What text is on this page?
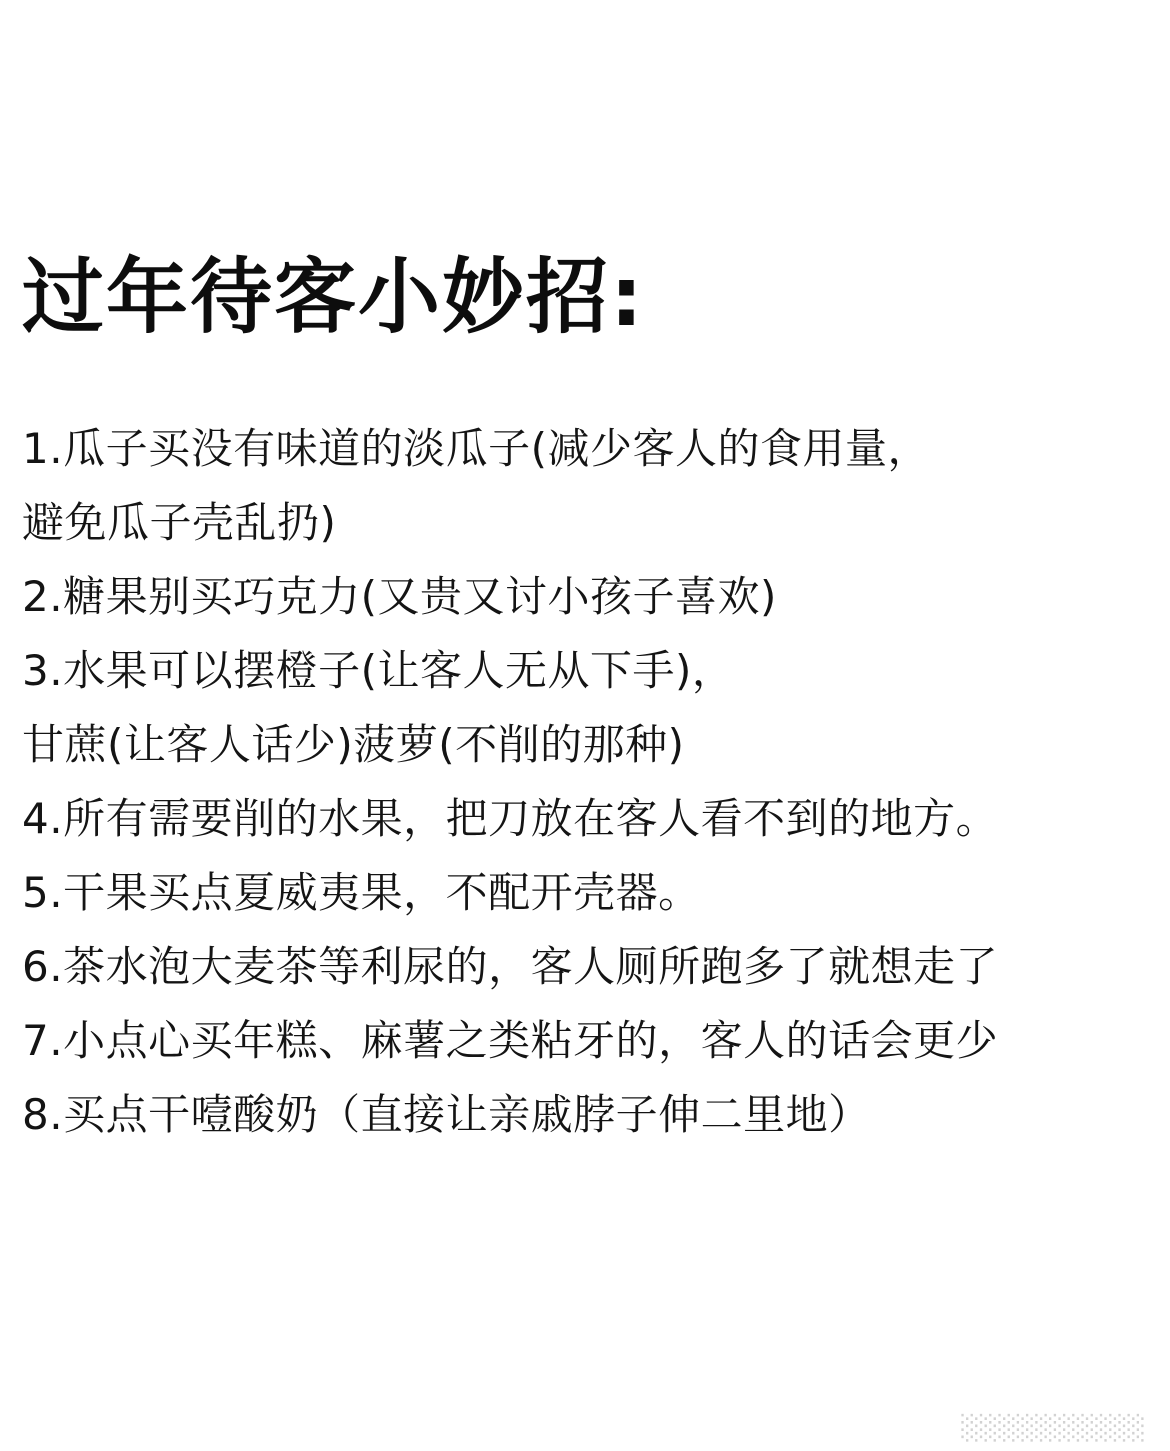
过年待客小妙招:
1.瓜子买没有味道的淡瓜子(减少客人的食用量，
避免瓜子壳乱扔)
2.糖果别买巧克力(又贵又讨小孩子喜欢)
3.水果可以摆橙子(让客人无从下手)，
甘蔗(让客人话少)菠萝(不削的那种)
4.所有需要削的水果，把刀放在客人看不到的地方。
5.干果买点夏威夷果，不配开壳器。
6.茶水泡大麦茶等利尿的，客人厕所跑多了就想走了
7.小点心买年糕、麻薯之类粘牙的，客人的话会更少
8.买点干噎酸奶（直接让亲戚脖子伸二里地）
░░░░░░░░░░
